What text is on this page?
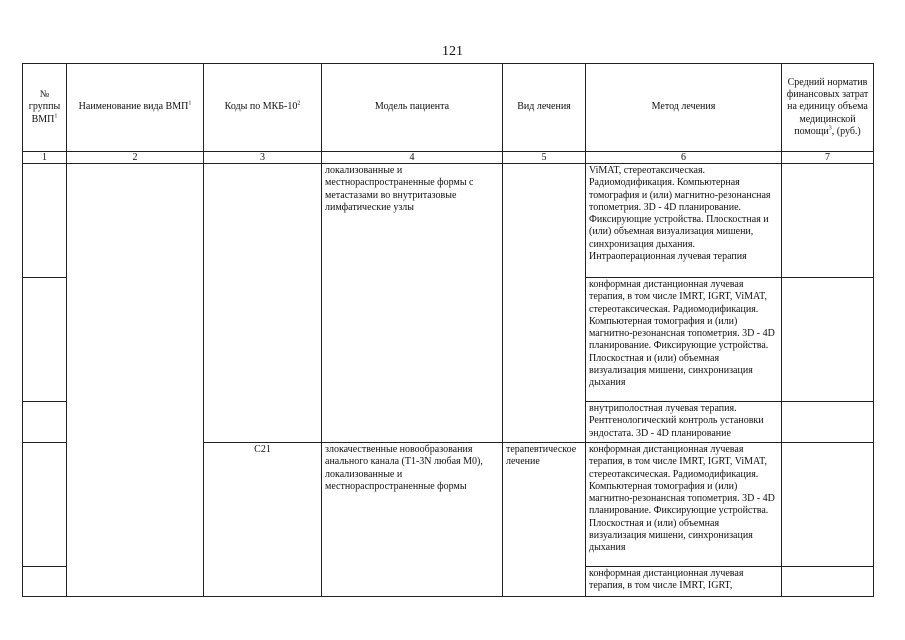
121
№ группы ВМП$^1$	Наименование вида ВМП$^1$	Коды по МКБ-$10^2$	Модель пациента	Вид лечения	Метод лечения	Средний норматив финансовых затрат на единицу объема медицинской помощи$^3$, (руб.)
1	2	3	4	5	6	7
			локализованные и местнораспространенные формы с метастазами во внутритазовые лимфатические узлы		ViMAT, стереотаксическая. Радиомодификация. Компьютерная томография и (или) магнитно-резонансная топометрия. 3D - 4D планирование. Фиксирующие устройства. Плоскостная и (или) объемная визуализация мишени, синхронизация дыхания. Интраоперационная лучевая терапия	
					конформная дистанционная лучевая терапия, в том числе IMRT, IGRT, ViMAT, стереотаксическая. Радиомодификация. Компьютерная томография и (или) магнитно-резонансная топометрия. 3D - 4D планирование. Фиксирующие устройства. Плоскостная и (или) объемная визуализация мишени, синхронизация дыхания	
					внутриполостная лучевая терапия. Рентгенологический контроль установки эндостата. 3D - 4D планирование	
		C21	злокачественные новообразования анального канала (T1-3N любая M0), локализованные и местнораспространенные формы	терапевтическое лечение	конформная дистанционная лучевая терапия, в том числе IMRT, IGRT, ViMAT, стереотаксическая. Радиомодификация. Компьютерная томография и (или) магнитно-резонансная топометрия. 3D - 4D планирование. Фиксирующие устройства. Плоскостная и (или) объемная визуализация мишени, синхронизация дыхания	
					конформная дистанционная лучевая терапия, в том числе IMRT, IGRT,	
